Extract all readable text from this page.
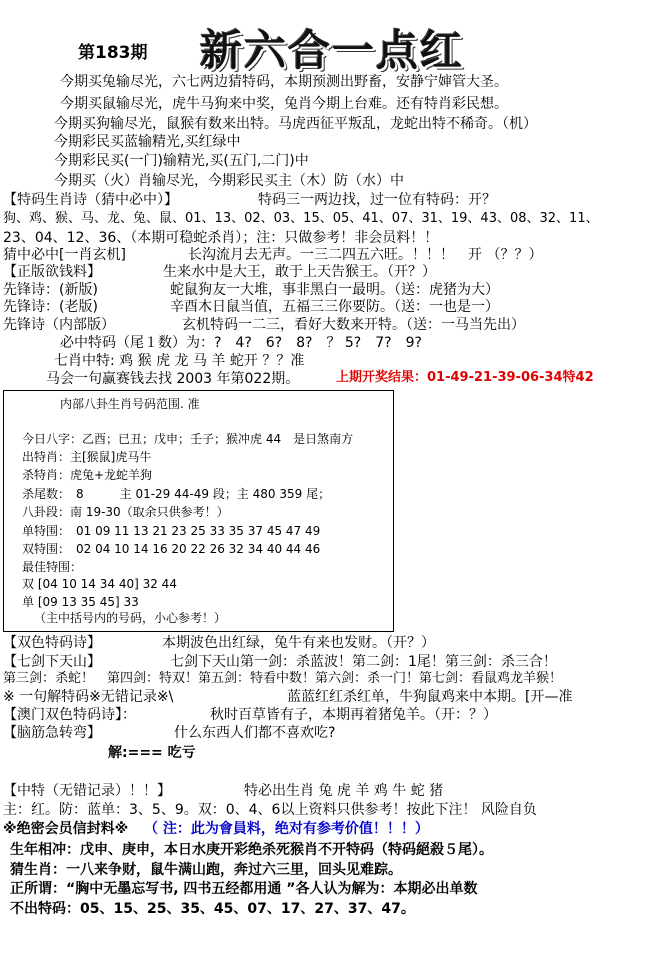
第183期 新六合一点红
今期买兔输尽光，六七两边猜特码，本期预测出野畜，安静宁婶管大圣。
今期买鼠输尽光，虎牛马狗来中奖，兔肖今期上台难。还有特肖彩民想。
今期买狗输尽光，鼠猴有数来出特。马虎西征平叛乱，龙蛇出特不稀奇。（机）
今期彩民买蓝输精光,买红绿中
今期彩民买(一门)输精光,买(五门,二门)中
今期买（火）肖输尽光，今期彩民买主（木）防（水）中
【特码生肖诗（猜中必中）】	特码三一两边找，过一位有特码：开？
狗、鸡、猴、马、龙、兔、鼠、01、13、02、03、15、05、41、07、31、19、43、08、32、11、
23、04、12、36、（本期可稳蛇杀肖）；注：只做参考！非会员料！！
猜中必中[一肖玄机]	长沟流月去无声。一三二四五六旺。！！！　开 （？？）
【正版欲钱料】	生来水中是大王，敢于上天告猴王。（开？）
先锋诗：(新版)	蛇鼠狗友一大堆，事非黑白一最明。（送：虎猪为大）
先锋诗：(老版)	辛酉木日鼠当值，五福三三你要防。（送：一也是一）
先锋诗（内部版）	玄机特码一二三，看好大数来开特。（送：一马当先出）
必中特码（尾１数）为：?　4?　6?　8?　？ 5?　7?　9?
七肖中特: 鸡 猴 虎 龙 马 羊 蛇开 ？？准
马会一句赢赛钱去找 2003 年第022期。	上期开奖结果：01-49-21-39-06-34特42
内部八卦生肖号码范围. 准
今日八字：乙酉；已丑；戊申；壬子；猴冲虎 44　是日煞南方
出特肖：主[猴鼠]虎马牛
杀特肖：虎兔+龙蛇羊狗
杀尾数：　8　　　主 01-29 44-49 段；主 480 359 尾；
八卦段：南 19-30（取余只供参考！）
单特围：　01 09 11 13 21 23 25 33 35 37 45 47 49
双特围：　02 04 10 14 16 20 22 26 32 34 40 44 46
最佳特围：
双 [04 10 14 34 40] 32 44
单 [09 13 35 45] 33
（主中括号内的号码，小心参考！）
【双色特码诗】	本期波色出红绿，兔牛有来也发财。（开？）
【七剑下天山】	七剑下天山第一剑：杀蓝波！第二剑：1尾！第三剑：杀三合！
第三剑：杀蛇！　第四剑：特双！第五剑：特看中数！第六剑：杀一门！第七剑：看鼠鸡龙羊猴！
※ 一句解特码※无错记录※\	蓝蓝红红杀红单，牛狗鼠鸡来中本期。[开—准
【澳门双色特码诗】：	秋时百草皆有子，本期再着猪兔羊。（开：？）
【脑筋急转弯】	什么东西人们都不喜欢吃?
解:=== 吃亏
【中特（无错记录）！！】	特必出生肖 兔 虎 羊 鸡 牛 蛇 猪
主：红。防：蓝单：3、5、9。双：0、4、6以上资料只供参考！按此下注！ 风险自负
※绝密会员信封料※ （ 注：此为會員料，绝对有参考价值！！！）
生年相冲：戊申、庚申，本日水庚开彩绝杀死猴肖不开特码（特码絕殺５尾）。
猜生肖：一八来争财，鼠牛满山跑，奔过六三里，回头见难踪。
正所谓：“胸中无墨忘写书, 四书五经都用通 ”各人认为解为：本期必出单数
不出特码：05、15、25、35、45、07、17、27、37、47。
